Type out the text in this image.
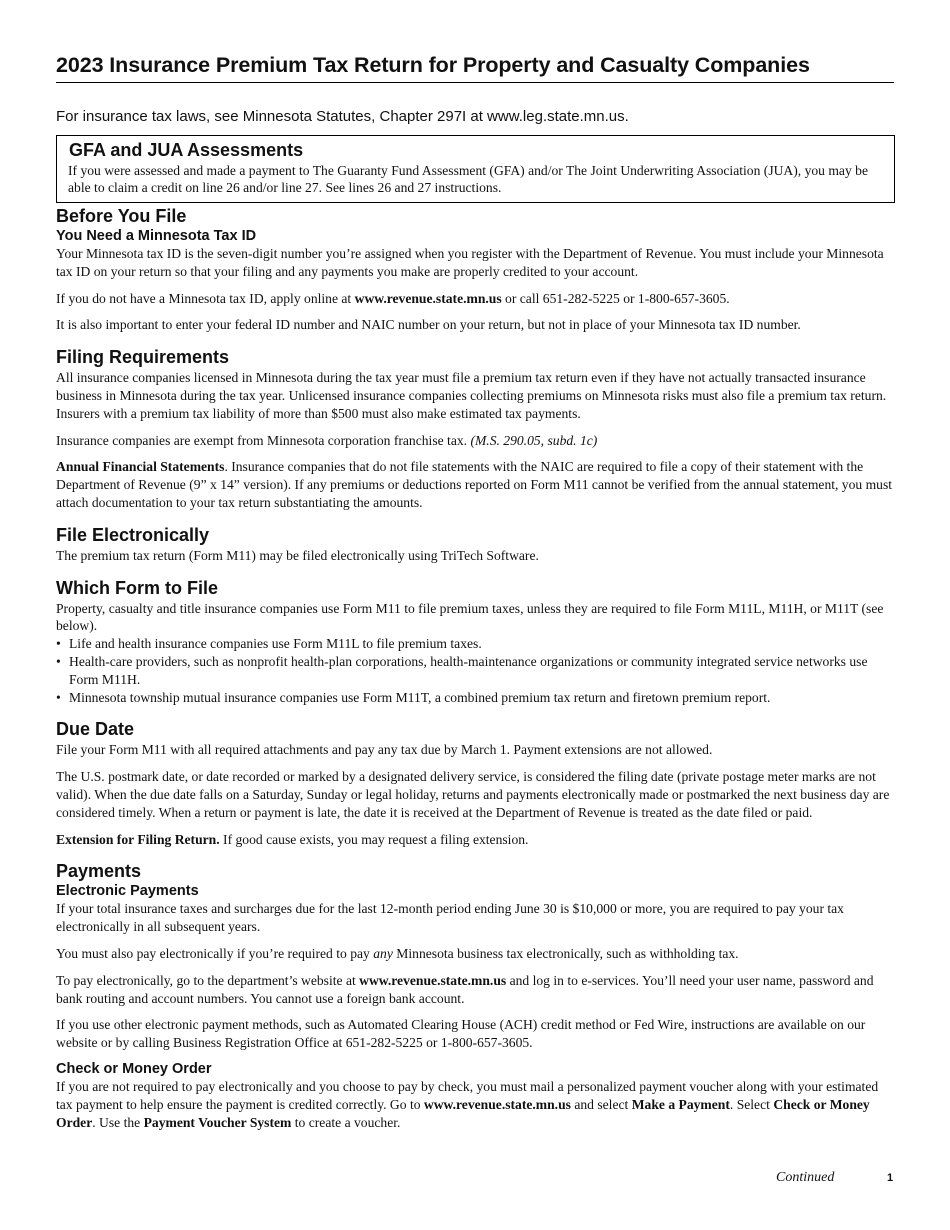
2023 Insurance Premium Tax Return for Property and Casualty Companies

For insurance tax laws, see Minnesota Statutes, Chapter 297I at www.leg.state.mn.us.

GFA and JUA Assessments

If you were assessed and made a payment to The Guaranty Fund Assessment (GFA) and/or The Joint Underwriting Association (JUA), you may be able to claim a credit on line 26 and/or line 27. See lines 26 and 27 instructions.

Before You File
You Need a Minnesota Tax ID

Your Minnesota tax ID is the seven-digit number you’re assigned when you register with the Department of Revenue. You must include your Minnesota tax ID on your return so that your filing and any payments you make are properly credited to your account.

If you do not have a Minnesota tax ID, apply online at www.revenue.state.mn.us or call 651-282-5225 or 1-800-657-3605.

It is also important to enter your federal ID number and NAIC number on your return, but not in place of your Minnesota tax ID number.

Filing Requirements

All insurance companies licensed in Minnesota during the tax year must file a premium tax return even if they have not actually transacted insurance business in Minnesota during the tax year. Unlicensed insurance companies collecting premiums on Minnesota risks must also file a premium tax return. Insurers with a premium tax liability of more than $500 must also make estimated tax payments.

Insurance companies are exempt from Minnesota corporation franchise tax. (M.S. 290.05, subd. 1c)

Annual Financial Statements. Insurance companies that do not file statements with the NAIC are required to file a copy of their statement with the Department of Revenue (9” x 14” version). If any premiums or deductions reported on Form M11 cannot be verified from the annual statement, you must attach documentation to your tax return substantiating the amounts.

File Electronically

The premium tax return (Form M11) may be filed electronically using TriTech Software.

Which Form to File

Property, casualty and title insurance companies use Form M11 to file premium taxes, unless they are required to file Form M11L, M11H, or M11T (see below).

• Life and health insurance companies use Form M11L to file premium taxes.
• Health-care providers, such as nonprofit health-plan corporations, health-maintenance organizations or community integrated service networks use Form M11H.
• Minnesota township mutual insurance companies use Form M11T, a combined premium tax return and firetown premium report.
Due Date

File your Form M11 with all required attachments and pay any tax due by March 1. Payment extensions are not allowed.

The U.S. postmark date, or date recorded or marked by a designated delivery service, is considered the filing date (private postage meter marks are not valid). When the due date falls on a Saturday, Sunday or legal holiday, returns and payments electronically made or postmarked the next business day are considered timely. When a return or payment is late, the date it is received at the Department of Revenue is treated as the date filed or paid.

Extension for Filing Return. If good cause exists, you may request a filing extension.

Payments
Electronic Payments

If your total insurance taxes and surcharges due for the last 12-month period ending June 30 is $10,000 or more, you are required to pay your tax electronically in all subsequent years.

You must also pay electronically if you’re required to pay any Minnesota business tax electronically, such as withholding tax.

To pay electronically, go to the department’s website at www.revenue.state.mn.us and log in to e-services. You’ll need your user name, password and bank routing and account numbers. You cannot use a foreign bank account.

If you use other electronic payment methods, such as Automated Clearing House (ACH) credit method or Fed Wire, instructions are available on our website or by calling Business Registration Office at 651-282-5225 or 1-800-657-3605.

Check or Money Order

If you are not required to pay electronically and you choose to pay by check, you must mail a personalized payment voucher along with your estimated tax payment to help ensure the payment is credited correctly. Go to www.revenue.state.mn.us and select Make a Payment. Select Check or Money Order. Use the Payment Voucher System to create a voucher.

Continued	1
